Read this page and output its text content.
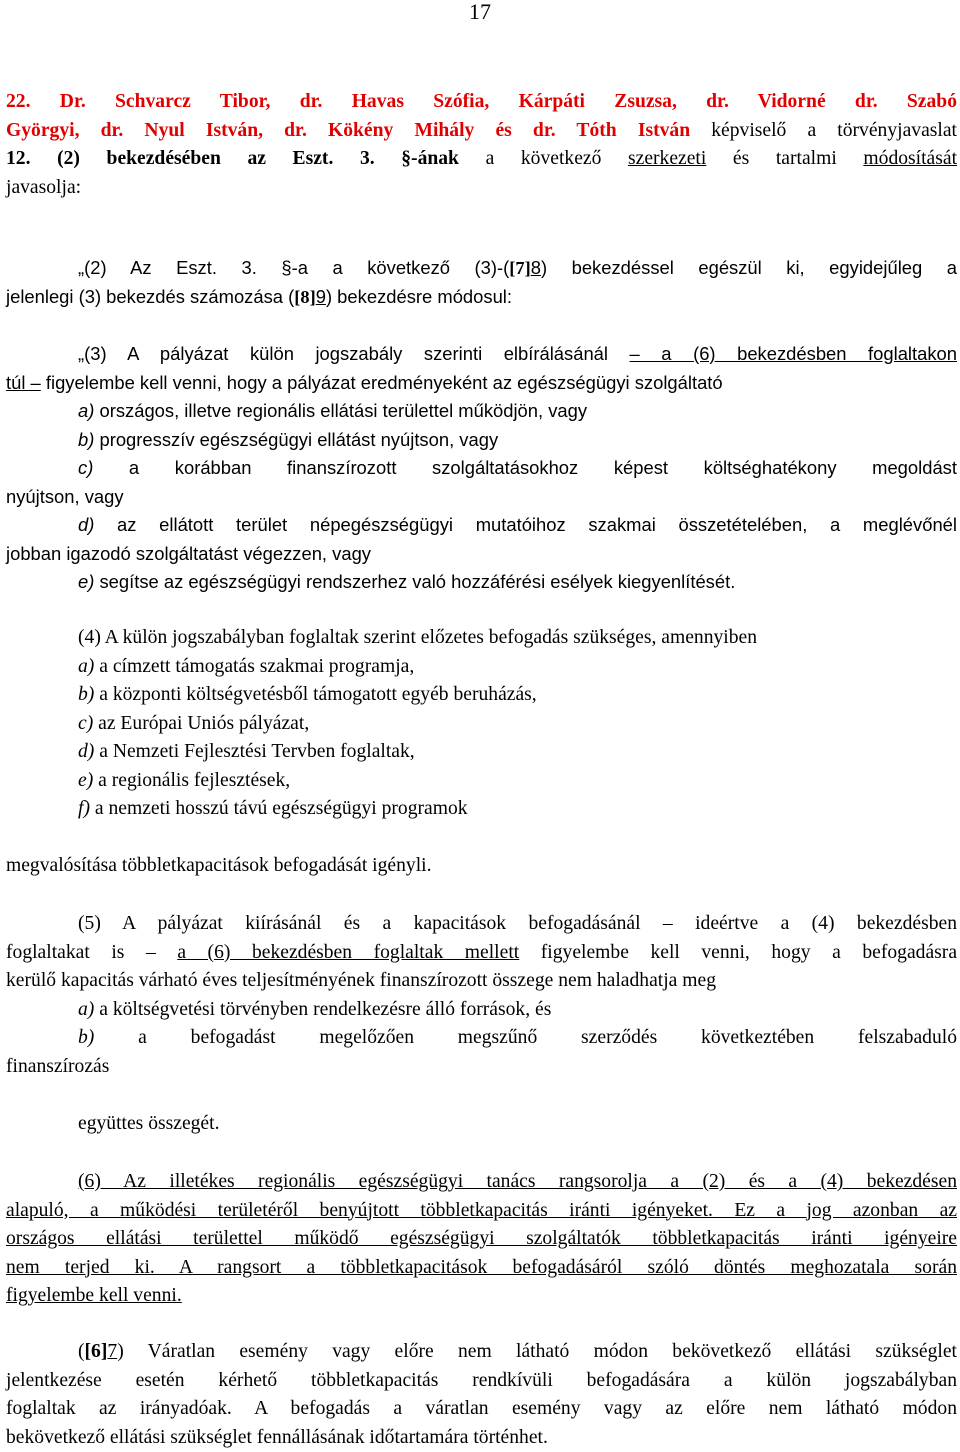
17
22. Dr. Schvarcz Tibor, dr. Havas Szófia, Kárpáti Zsuzsa, dr. Vidorné dr. Szabó
Györgyi, dr. Nyul István, dr. Kökény Mihály és dr. Tóth István képviselő a törvényjavaslat
12. (2) bekezdésében az Eszt. 3. §-ának a következő szerkezeti és tartalmi módosítását
javasolja:
„(2) Az Eszt. 3. §-a a következő (3)-([7]8) bekezdéssel egészül ki, egyidejűleg a
jelenlegi (3) bekezdés számozása ([8]9) bekezdésre módosul:
„(3) A pályázat külön jogszabály szerinti elbírálásánál – a (6) bekezdésben foglaltakon
túl – figyelembe kell venni, hogy a pályázat eredményeként az egészségügyi szolgáltató
a) országos, illetve regionális ellátási területtel működjön, vagy
b) progresszív egészségügyi ellátást nyújtson, vagy
c) a korábban finanszírozott szolgáltatásokhoz képest költséghatékony megoldást
nyújtson, vagy
d) az ellátott terület népegészségügyi mutatóihoz szakmai összetételében, a meglévőnél
jobban igazodó szolgáltatást végezzen, vagy
e) segítse az egészségügyi rendszerhez való hozzáférési esélyek kiegyenlítését.
(4) A külön jogszabályban foglaltak szerint előzetes befogadás szükséges, amennyiben
a) a címzett támogatás szakmai programja,
b) a központi költségvetésből támogatott egyéb beruházás,
c) az Európai Uniós pályázat,
d) a Nemzeti Fejlesztési Tervben foglaltak,
e) a regionális fejlesztések,
f) a nemzeti hosszú távú egészségügyi programok
megvalósítása többletkapacitások befogadását igényli.
(5) A pályázat kiírásánál és a kapacitások befogadásánál – ideértve a (4) bekezdésben
foglaltakat is – a (6) bekezdésben foglaltak mellett figyelembe kell venni, hogy a befogadásra
kerülő kapacitás várható éves teljesítményének finanszírozott összege nem haladhatja meg
a) a költségvetési törvényben rendelkezésre álló források, és
b) a befogadást megelőzően megszűnő szerződés következtében felszabaduló
finanszírozás
együttes összegét.
(6) Az illetékes regionális egészségügyi tanács rangsorolja a (2) és a (4) bekezdésen
alapuló, a működési területéről benyújtott többletkapacitás iránti igényeket. Ez a jog azonban az
országos ellátási területtel működő egészségügyi szolgáltatók többletkapacitás iránti igényeire
nem terjed ki. A rangsort a többletkapacitások befogadásáról szóló döntés meghozatala során
figyelembe kell venni.
([6]7) Váratlan esemény vagy előre nem látható módon bekövetkező ellátási szükséglet
jelentkezése esetén kérhető többletkapacitás rendkívüli befogadására a külön jogszabályban
foglaltak az irányadóak. A befogadás a váratlan esemény vagy az előre nem látható módon
bekövetkező ellátási szükséglet fennállásának időtartamára történhet.
